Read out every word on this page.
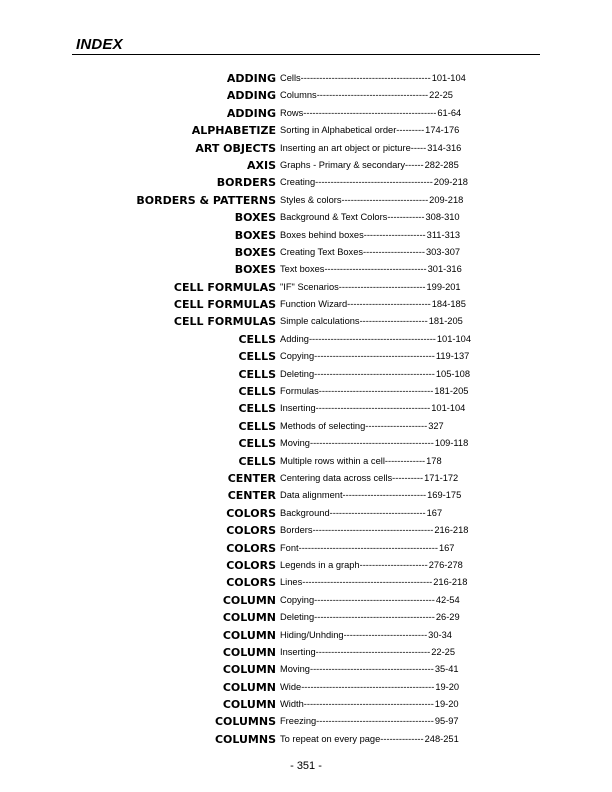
INDEX
ADDING Cells------------------------------------------101-104
ADDING Columns------------------------------------22-25
ADDING Rows-------------------------------------------61-64
ALPHABETIZE Sorting in Alphabetical order---------174-176
ART OBJECTS Inserting an art object or picture-----314-316
AXIS Graphs - Primary & secondary------282-285
BORDERS Creating--------------------------------------209-218
BORDERS & PATTERNS Styles & colors----------------------------209-218
BOXES Background & Text Colors------------308-310
BOXES Boxes behind boxes--------------------311-313
BOXES Creating Text Boxes--------------------303-307
BOXES Text boxes---------------------------------301-316
CELL FORMULAS "IF" Scenarios----------------------------199-201
CELL FORMULAS Function Wizard---------------------------184-185
CELL FORMULAS Simple calculations----------------------181-205
CELLS Adding-----------------------------------------101-104
CELLS Copying---------------------------------------119-137
CELLS Deleting---------------------------------------105-108
CELLS Formulas-------------------------------------181-205
CELLS Inserting-------------------------------------101-104
CELLS Methods of selecting--------------------327
CELLS Moving----------------------------------------109-118
CELLS Multiple rows within a cell-------------178
CENTER Centering data across cells----------171-172
CENTER Data alignment---------------------------169-175
COLORS Background-------------------------------167
COLORS Borders---------------------------------------216-218
COLORS Font---------------------------------------------167
COLORS Legends in a graph----------------------276-278
COLORS Lines------------------------------------------216-218
COLUMN Copying---------------------------------------42-54
COLUMN Deleting---------------------------------------26-29
COLUMN Hiding/Unhding---------------------------30-34
COLUMN Inserting-------------------------------------22-25
COLUMN Moving----------------------------------------35-41
COLUMN Wide-------------------------------------------19-20
COLUMN Width------------------------------------------19-20
COLUMNS Freezing--------------------------------------95-97
COLUMNS To repeat on every page--------------248-251
- 351 -
